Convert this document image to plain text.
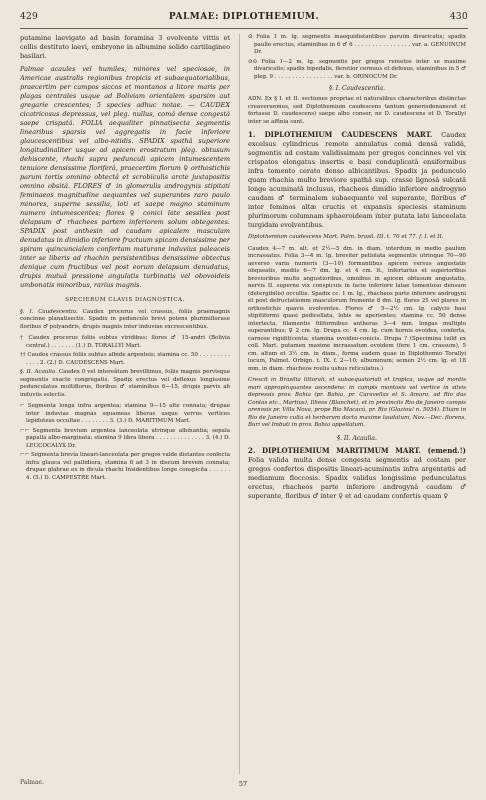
429	PALMAE: DIPLOTHEMIUM.	430

putamine laevigato ad basin foramina 3 evolvente vittis et cellis destituto laevi, embryone in albumine solido cartilagineo basilari.

Palmae acaules vel humiles, minores vel speciosae, in Americae australis regionibus tropicis et subaequatorialibus, praecertim per campos siccos et montanos a litore maris per plagas centrales usque ad Boliviam orientalem sparsim aut gregarie crescentes; 5 species adhuc notae. — CAUDEX cicatricosus depressus, vel pleg. nullus, comâ dense congestâ saepe crispatâ. FOLIA aequaliter pinnatisecta segmentis linearibus sparsis vel aggregatis in facie inferiore glaucescentibus vel albo-nitidis. SPADIX spathâ superiore longitudinaliter usque ad apicem erostratum pleg. obtusum dehiscente, rhachi supra pedunculi apicem intumescentem tenuiore densissime floriferâ, praecertim florum ♀ orthostichis parum tortis omnino obtectâ et scrobiculis arcte juxtapositis omnino obsitâ. FLORES ♂ in glomerulis androgynis stipitati feminaeos magnitudine aequantes vel superantes raro paulo minores, superne sessilia, loti et saepe magno staminum numero intumescentes; flores ♀ conici late sessiles post delapsum ♂ rhachees partem inferiorem solum obtegentes. SPADIX post anthesin ad caudam apicalem masculam denudatus in dimidio inferiore fructuum spicam densissime per spiram quincuncialem confertam maturane induvius paleaceis inter se liberis ad rhachin persistentibus densissime obtectus denique cum fructibus vel post eorum delapsum denudatus, drupis mutuâ pressione angulatis turbinatis vel obovoideis umbonatis minoribus, rarius magnis.

SPECIERUM CLAVIS DIAGNOSTICA.

§. I. Caudescentia. Caudex procerus vel crassus, foliis praemagnis concinne planatisectis. Spadix in pedunculo brevi potens plurimifloruse floribus ♂ polyandris, drupis magnis inter induviae excrescentibus.

† Caudex procerus foliis subtus viridibus; flores ♂ 15-andri (Bolivia central.) . . . . . . . (1.) D. TORALLYI Mart.
†† Caudex crassus foliis subtus albide argenteis; stamina cc. 50 . . . . . . . . . . . . . 2. (2.) D. CAUDESCENS Mart.

§. II. Acaulia. Caudex 0 vel intereâtum brevillimus, foliis magnis pervisque segmentis exacte congregatis. Spadix erectus vel deflexus longissime pedunculatus multiflorus, floribus ♂ staminibus 6—15, drupis parvis ab induviis selectis.

⌐ Segmenta longa infra argentea; stamina 9—15 alte connata; drupae inter induvias magnas squameas liberas usque verrus vertices lepidoteas occultae . . . . . . . . 3. (3.) D. MARITIMUM Mart.
⌐⌐ Segmenta brevium argentea lanceolata utrinque albinantia; sepala papalla albo-marginata; stamina 9 libra libera . . . . . . . . . . . . . . 3. (4.) D. LEUCOCALYX Dr.
⌐⌐ Segmenta brevia lineari-lanceolata per gregos valde distantes confecta infra glauca vel pallidiora, stamina 6 ad 3 in discum brevem connata; drupae glabrae ex in dicula rhachi Insidentibus longe conspicita . . . . . . 4. (5.) D. CAMPESTRE Mart.
⊙ Folia 1 m. lg. segmentis inaequidistantibus paruim divaricatis; spadix paullo erectus, staminibus in 6 ♂ 6 . . . . . . . . . . . . . . . . var. a. GENUINUM Dr.
⊙⊙ Folia 1—2 m. lg. segmentis per gregos remotos inter se maxime divaricatis; spadix bipedalis, fleretior cernuus et defexus, staminibus in 5 ♂ pleg. 9 . . . . . . . . . . . . . . . . . var. b. ORINOCUM Dr.

§. I. Caudescentia.

ADN. Ex § I. et II. sectiones propriae et naturalibus characteribus distinctas creaverunmus, sed Diplothemium caudescens tantum generisdenanscet et fortasse D. caudescens) saepe albo conser, ne D. caudescens et D. Torallyi inter se affinia sunt.

1. DIPLOTHEMIUM CAUDESCENS MART. Caudex excelsus cylindricus remote annulatus comâ densâ validâ, segmentis ad costam validissimam per gregos concinnes vel vix crispatos elongatus insertis e basi conduplicatâ ensiformibus infra tomento cerato denso albicantibus. Spadix ja pedunculo quam rhachia multo breviore spathâ sup. crasse lignosâ sulcatâ longe acuminatâ inclusus, rhacheos dimidio inferiore androgyno caudam ♂ terminalem subaequante vel superante, floribus ♂ inter feminos altæ cructis et expansis speciesis staminum plurimorum columnam sphaeroideam inter putata late lanceolata turgidam evolventibus.

Diplothemium caudescens Mart. Palm. brasil. III. t. 70 et 77. f. I. et II.

Caudex 4—7 m. alt. et 2½—5 dm. in diam. interdum in medio paulum incrassatus. Folia 3—4 m. lg. breviter petiolata segmentis utrinque 70—90 aeverso varia numeris (3—10) formantibus apicem versus angustatis obqueatis, mediis 6—7 dm. lg. et 4 cm. lt., infertarius et superioribus brevioribus multo angustioribus, omnibus in apicem obtusum angustatis, nervis II. superne vix conspicuis in facie inferiore latae tomentoso densum (detergibilis) occultis. Spadix cc. 1 m. lg., rhacheos parte inferiore androgyni et post defructatiomm masculorum fremente 8 dm. lg. flores 25 vel plures in orthostichis quavis evolventes. Flores ♂ 5—2½ cm. lg. calycis basi stipitiformi quasi pedicellata, lobis se aperientes; stamina cc. 50 dense intertecta, filamentis filiformibus antheras 3—4 mm. longas multiplo superantibus; ♀ 2 cm. lg. Drupa cc. 4 cm. lg. cum hornis ovoidea, conferta, carnose rigiditicenta; stamina ovoideo-conicis. Drupa ? (Specimina tuild ex coll. Mart. putamen maxime incrassatum ovoidem (fere 1 cm. crassum), 5 cm. altum et 3½ cm. in diam., forma eadem quae in Diplothemio Torallyi locum, Palmet. Orbign. t. IX. f. 2—10; albuminum; semen 2½ cm. lg. et 18 mm. in diam. rhacheos roulis ushus reticulatus.)

Crescit in Brasilia littorali, et subaequatoriali et tropica, usque ad montis mari appropinquantes ascendens: in campis montosis vel vertice in silvis depressis prov. Bahia (pr. Bahia, pr. Caravellas et S. Amaro, ad Rio das Contas etc., Martius), Ilheos (Blanchet), et in provinciis Rio de Janeiro campis arenosis pr. Villa Nova, prope Rio Macacú, pr. Rio (Glaziou! n. 5034). Etiam in Rio de Janeiro culta et herbarum docta maxime laudatum, Nov.—Dec. florens, Buri vel Imbuti in prov. Bahia appellatum.

§. II. Acaulia.

2. DIPLOTHEMIUM MARITIMUM MART. (emend.!) Folia valida multa dense congesta segmentis ad costam per gregos confertos dispositis lineari-acuminatis infra argentatis ad mediamum floccosis. Spadix validus longissime pedunculatus erectus, rhacheos parte inferiore androgynâ caudam ♂ superante, floribus ♂ inter ♀ et ad caudam confertis quam ♀

Palmae.	57
